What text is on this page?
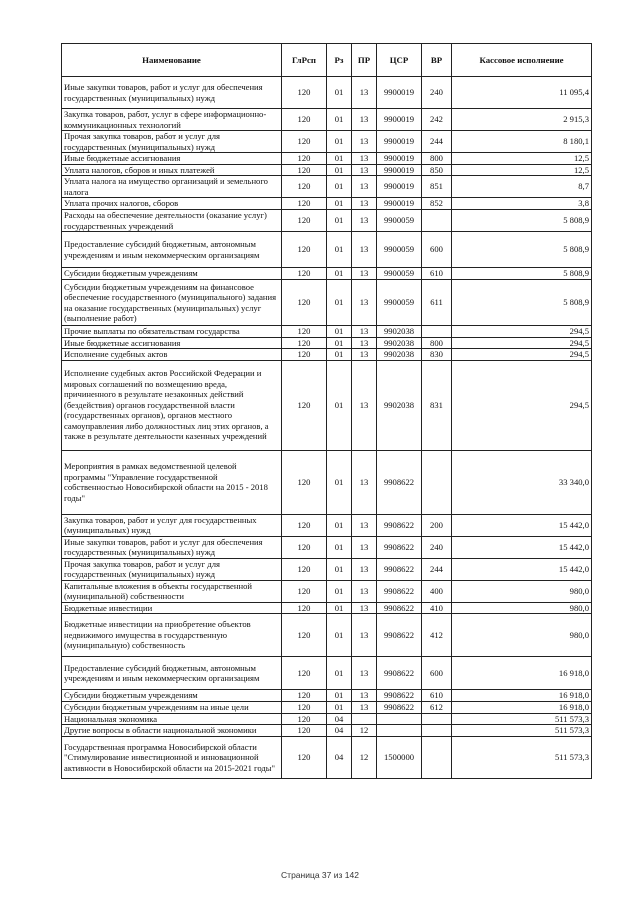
Наименование	ГлРсп	Рз	ПР	ЦСР	ВР	Кассовое исполнение
Иные закупки товаров, работ и услуг для обеспечения государственных (муниципальных) нужд	120	01	13	9900019	240	11 095,4
Закупка товаров, работ, услуг в сфере информационно-коммуникационных технологий	120	01	13	9900019	242	2 915,3
Прочая закупка товаров, работ и услуг для государственных (муниципальных) нужд	120	01	13	9900019	244	8 180,1
Иные бюджетные ассигнования	120	01	13	9900019	800	12,5
Уплата налогов, сборов и иных платежей	120	01	13	9900019	850	12,5
Уплата налога на имущество организаций и земельного налога	120	01	13	9900019	851	8,7
Уплата прочих налогов, сборов	120	01	13	9900019	852	3,8
Расходы на обеспечение деятельности (оказание услуг) государственных учреждений	120	01	13	9900059		5 808,9
Предоставление субсидий бюджетным, автономным учреждениям и иным некоммерческим организациям	120	01	13	9900059	600	5 808,9
Субсидии бюджетным учреждениям	120	01	13	9900059	610	5 808,9
Субсидии бюджетным учреждениям на финансовое обеспечение государственного (муниципального) задания на оказание государственных (муниципальных) услуг (выполнение работ)	120	01	13	9900059	611	5 808,9
Прочие выплаты по обязательствам государства	120	01	13	9902038		294,5
Иные бюджетные ассигнования	120	01	13	9902038	800	294,5
Исполнение судебных актов	120	01	13	9902038	830	294,5
Исполнение судебных актов Российской Федерации и мировых соглашений по возмещению вреда, причиненного в результате незаконных действий (бездействия) органов государственной власти (государственных органов), органов местного самоуправления либо должностных лиц этих органов, а также в результате деятельности казенных учреждений	120	01	13	9902038	831	294,5
Мероприятия в рамках ведомственной целевой программы "Управление государственной собственностью Новосибирской области на 2015 - 2018 годы"	120	01	13	9908622		33 340,0
Закупка товаров, работ и услуг для государственных (муниципальных) нужд	120	01	13	9908622	200	15 442,0
Иные закупки товаров, работ и услуг для обеспечения государственных (муниципальных) нужд	120	01	13	9908622	240	15 442,0
Прочая закупка товаров, работ и услуг для государственных (муниципальных) нужд	120	01	13	9908622	244	15 442,0
Капитальные вложения в объекты государственной (муниципальной) собственности	120	01	13	9908622	400	980,0
Бюджетные инвестиции	120	01	13	9908622	410	980,0
Бюджетные инвестиции на приобретение объектов недвижимого имущества в государственную (муниципальную) собственность	120	01	13	9908622	412	980,0
Предоставление субсидий бюджетным, автономным учреждениям и иным некоммерческим организациям	120	01	13	9908622	600	16 918,0
Субсидии бюджетным учреждениям	120	01	13	9908622	610	16 918,0
Субсидии бюджетным учреждениям на иные цели	120	01	13	9908622	612	16 918,0
Национальная экономика	120	04				511 573,3
Другие вопросы в области национальной экономики	120	04	12			511 573,3
Государственная программа Новосибирской области "Стимулирование инвестиционной и инновационной активности в Новосибирской области на 2015-2021 годы"	120	04	12	1500000		511 573,3
Страница 37 из 142
